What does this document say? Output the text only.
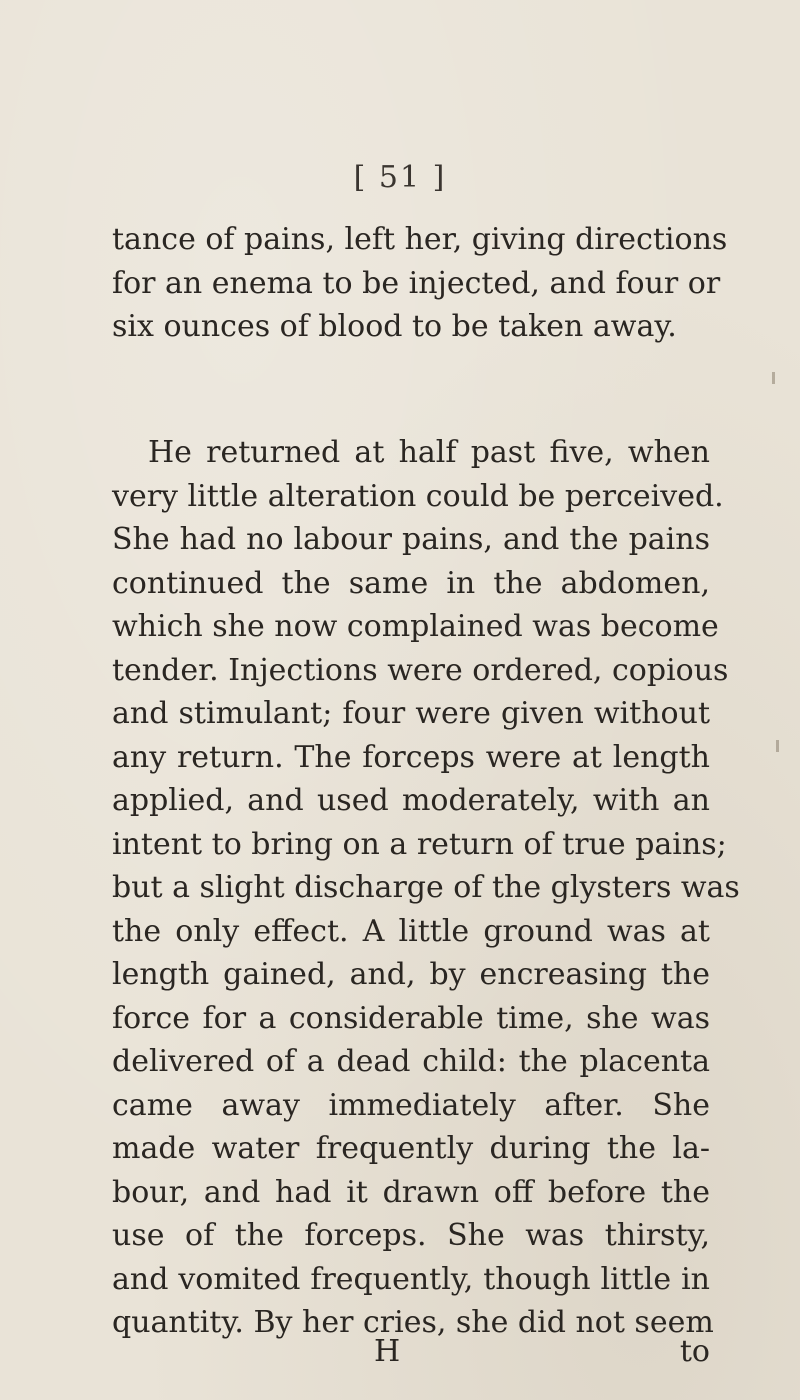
[ 51 ]
tance of pains, left her, giving directions
for an enema to be injected, and four or
six ounces of blood to be taken away.
He returned at half past five, when
very little alteration could be perceived.
She had no labour pains, and the pains
continued the same in the abdomen,
which she now complained was become
tender. Injections were ordered, copious
and stimulant; four were given without
any return. The forceps were at length
applied, and used moderately, with an
intent to bring on a return of true pains;
but a slight discharge of the glysters was
the only effect. A little ground was at
length gained, and, by encreasing the
force for a considerable time, she was
delivered of a dead child: the placenta
came away immediately after. She
made water frequently during the la-
bour, and had it drawn off before the
use of the forceps. She was thirsty,
and vomited frequently, though little in
quantity. By her cries, she did not seem
H	to
